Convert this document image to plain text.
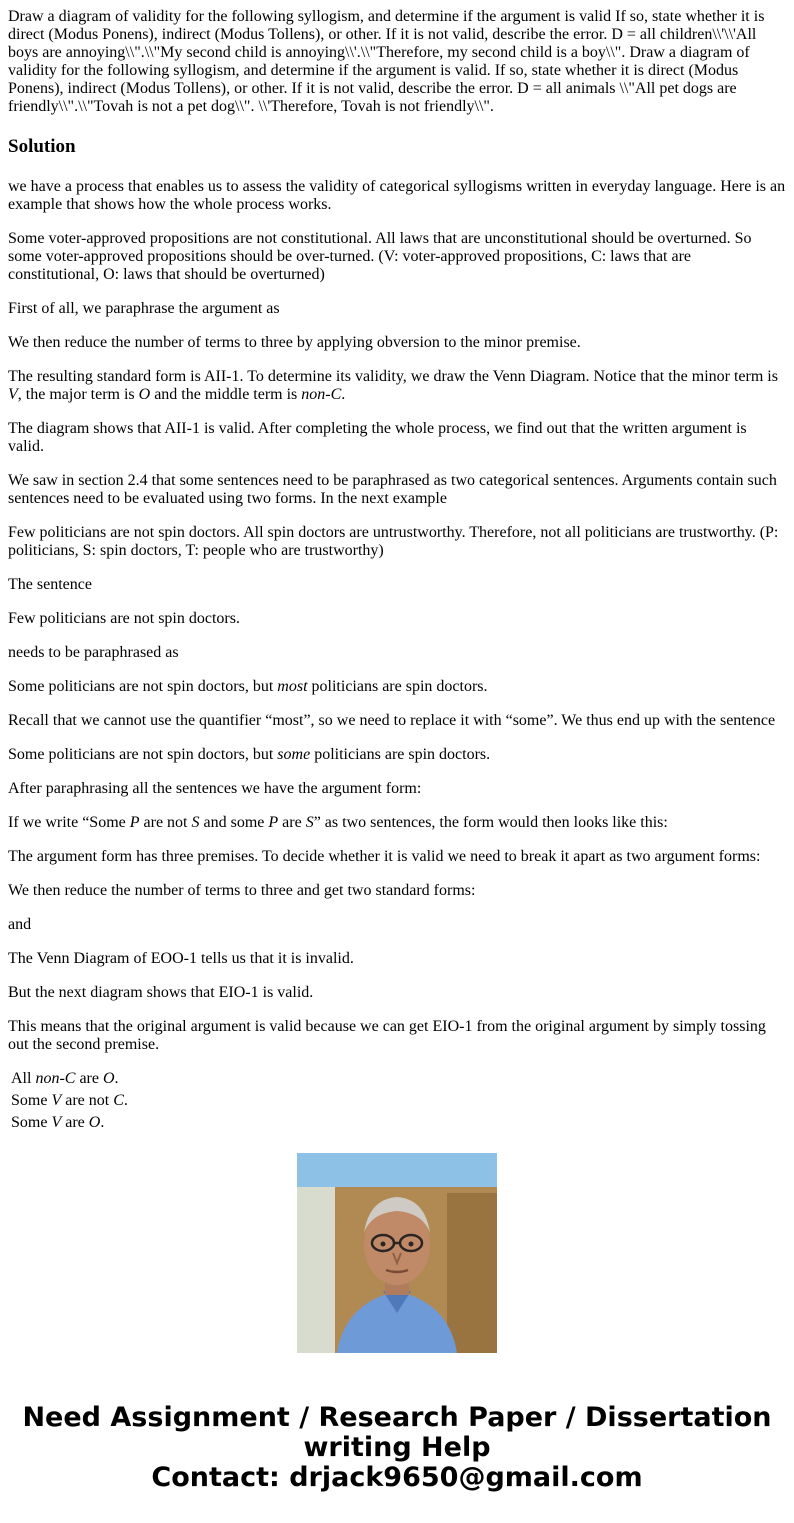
Draw a diagram of validity for the following syllogism, and determine if the argument is valid If so, state whether it is direct (Modus Ponens), indirect (Modus Tollens), or other. If it is not valid, describe the error. D = all children\\'\\'All boys are annoying\\".\\"My second child is annoying\\'.\\"Therefore, my second child is a boy\\". Draw a diagram of validity for the following syllogism, and determine if the argument is valid. If so, state whether it is direct (Modus Ponens), indirect (Modus Tollens), or other. If it is not valid, describe the error. D = all animals \\"All pet dogs are friendly\\".\\"Tovah is not a pet dog\\". \\'Therefore, Tovah is not friendly\\".

Solution

we have a process that enables us to assess the validity of categorical syllogisms written in everyday language. Here is an example that shows how the whole process works.

Some voter-approved propositions are not constitutional. All laws that are unconstitutional should be overturned. So some voter-approved propositions should be over-turned. (V: voter-approved propositions, C: laws that are constitutional, O: laws that should be overturned)

First of all, we paraphrase the argument as

We then reduce the number of terms to three by applying obversion to the minor premise.

The resulting standard form is AII-1. To determine its validity, we draw the Venn Diagram. Notice that the minor term is V, the major term is O and the middle term is non-C.

The diagram shows that AII-1 is valid. After completing the whole process, we find out that the written argument is valid.

We saw in section 2.4 that some sentences need to be paraphrased as two categorical sentences. Arguments contain such sentences need to be evaluated using two forms. In the next example

Few politicians are not spin doctors. All spin doctors are untrustworthy. Therefore, not all politicians are trustworthy. (P: politicians, S: spin doctors, T: people who are trustworthy)

The sentence

Few politicians are not spin doctors.

needs to be paraphrased as

Some politicians are not spin doctors, but most politicians are spin doctors.

Recall that we cannot use the quantifier “most”, so we need to replace it with “some”. We thus end up with the sentence

Some politicians are not spin doctors, but some politicians are spin doctors.

After paraphrasing all the sentences we have the argument form:

If we write “Some P are not S and some P are S” as two sentences, the form would then looks like this:

The argument form has three premises. To decide whether it is valid we need to break it apart as two argument forms:

We then reduce the number of terms to three and get two standard forms:

and

The Venn Diagram of EOO-1 tells us that it is invalid.

But the next diagram shows that EIO-1 is valid.

This means that the original argument is valid because we can get EIO-1 from the original argument by simply tossing out the second premise.

All non-C are O.
Some V are not C.
Some V are O.
Need Assignment / Research Paper / Dissertation
writing Help
Contact: drjack9650@gmail.com
